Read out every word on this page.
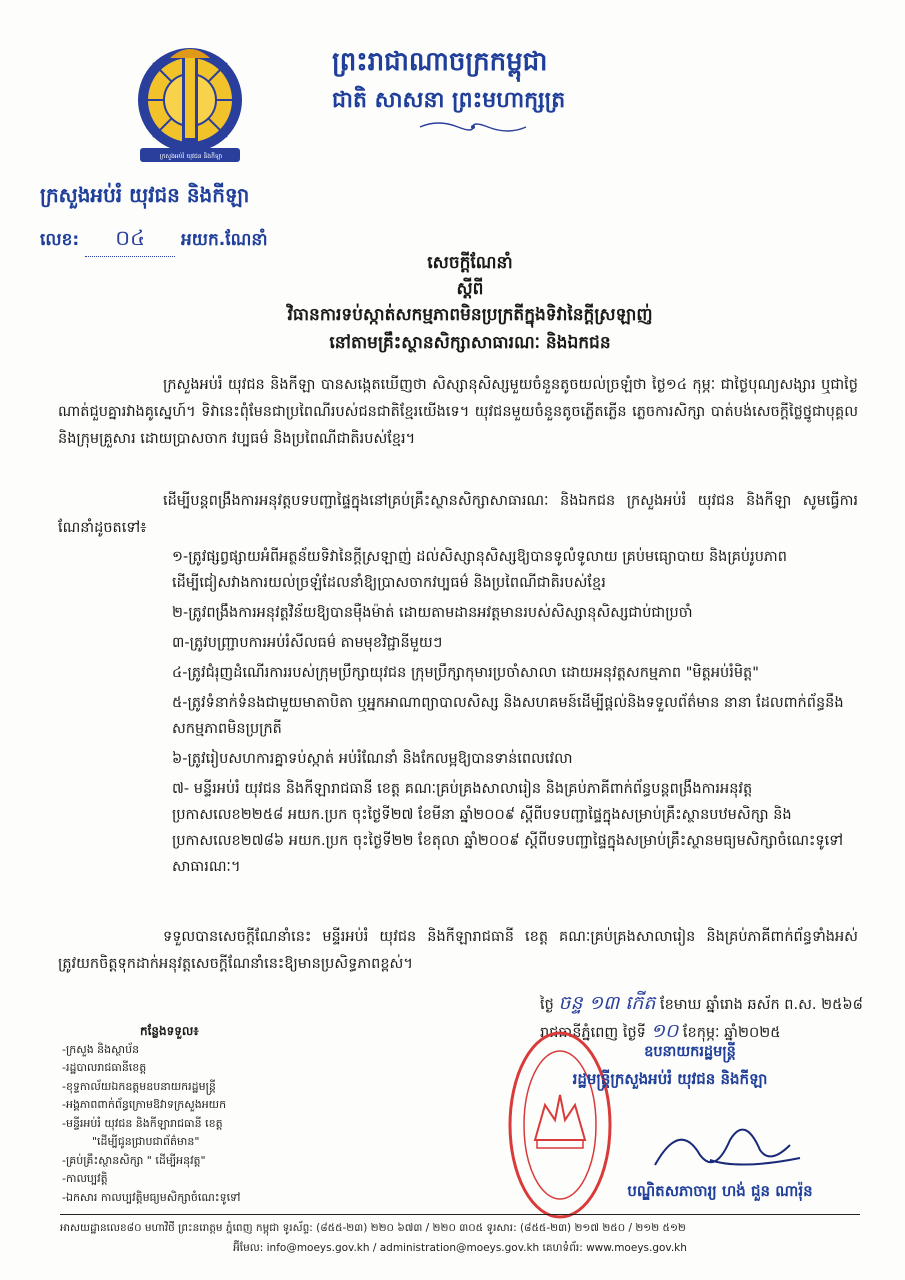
ក្រសួងអប់រំ យុវជន និងកីឡា
ព្រះរាជាណាចក្រកម្ពុជា
ជាតិ សាសនា ព្រះមហាក្សត្រ
ក្រសួងអប់រំ យុវជន និងកីឡា
លេខ: ០៤ អយក.ណែនាំ
សេចក្តីណែនាំ
ស្តីពី
វិធានការទប់ស្កាត់សកម្មភាពមិនប្រក្រតីក្នុងទិវានៃក្តីស្រឡាញ់
នៅតាមគ្រឹះស្ថានសិក្សាសាធារណៈ និងឯកជន
ក្រសួងអប់រំ យុវជន និងកីឡា បានសង្កេតឃើញថា សិស្សានុសិស្សមួយចំនួនតូចយល់ច្រឡំថា ថ្ងៃ១៤ កុម្ភៈ ជាថ្ងៃបុណ្យសង្សារ ឬជាថ្ងៃណាត់ជួបគ្នារវាងគូស្នេហ៍។ ទិវានេះពុំមែនជាប្រពៃណីរបស់ជនជាតិខ្មែរយើងទេ។ យុវជនមួយចំនួនតូចភ្លើតភ្លើន ភ្លេចការសិក្សា បាត់បង់សេចក្តីថ្លៃថ្នូជាបុគ្គល និងក្រុមគ្រួសារ ដោយប្រាសចាក វប្បធម៌ និងប្រពៃណីជាតិរបស់ខ្មែរ។
ដើម្បីបន្តពង្រឹងការអនុវត្តបទបញ្ជាផ្ទៃក្នុងនៅគ្រប់គ្រឹះស្ថានសិក្សាសាធារណៈ និងឯកជន ក្រសួងអប់រំ យុវជន និងកីឡា សូមធ្វើការណែនាំដូចតទៅ៖
១-ត្រូវផ្សព្វផ្សាយអំពីអត្ថន័យទិវានៃក្តីស្រឡាញ់ ដល់សិស្សានុសិស្សឱ្យបានទូលំទូលាយ គ្រប់មធ្យោបាយ និងគ្រប់រូបភាព ដើម្បីជៀសវាងការយល់ច្រឡំដែលនាំឱ្យប្រាសចាកវប្បធម៌ និងប្រពៃណីជាតិរបស់ខ្មែរ
២-ត្រូវពង្រឹងការអនុវត្តវិន័យឱ្យបានម៉ឺងម៉ាត់ ដោយតាមដានអវត្តមានរបស់សិស្សានុសិស្សជាប់ជាប្រចាំ
៣-ត្រូវបញ្ជ្រាបការអប់រំសីលធម៌ តាមមុខវិជ្ជានីមួយៗ
៤-ត្រូវជំរុញដំណើរការរបស់ក្រុមប្រឹក្សាយុវជន ក្រុមប្រឹក្សាកុមារប្រចាំសាលា ដោយអនុវត្តសកម្មភាព "មិត្តអប់រំមិត្ត"
៥-ត្រូវទំនាក់ទំនងជាមួយមាតាបិតា ឬអ្នកអាណាព្យាបាលសិស្ស និងសហគមន៍ដើម្បីផ្តល់និងទទួលព័ត៌មាន នានា ដែលពាក់ព័ន្ធនឹងសកម្មភាពមិនប្រក្រតី
៦-ត្រូវរៀបសហការគ្នាទប់ស្កាត់ អប់រំណែនាំ និងកែលម្អឱ្យបានទាន់ពេលវេលា
៧- មន្ទីរអប់រំ យុវជន និងកីឡារាជធានី ខេត្ត គណៈគ្រប់គ្រងសាលារៀន និងគ្រប់ភាគីពាក់ព័ន្ធបន្តពង្រឹងការអនុវត្តប្រកាសលេខ២២៥៨ អយក.ប្រក ចុះថ្ងៃទី២៧ ខែមីនា ឆ្នាំ២០០៩ ស្តីពីបទបញ្ជាផ្ទៃក្នុងសម្រាប់គ្រឹះស្ថានបឋមសិក្សា និងប្រកាសលេខ២៧៨៦ អយក.ប្រក ចុះថ្ងៃទី២២ ខែតុលា ឆ្នាំ២០០៩ ស្តីពីបទបញ្ជាផ្ទៃក្នុងសម្រាប់គ្រឹះស្ថានមធ្យមសិក្សាចំណេះទូទៅសាធារណៈ។
ទទួលបានសេចក្តីណែនាំនេះ មន្ទីរអប់រំ យុវជន និងកីឡារាជធានី ខេត្ត គណៈគ្រប់គ្រងសាលារៀន និងគ្រប់ភាគីពាក់ព័ន្ធទាំងអស់ ត្រូវយកចិត្តទុកដាក់អនុវត្តសេចក្តីណែនាំនេះឱ្យមានប្រសិទ្ធភាពខ្ពស់។
ថ្ងៃ ចន្ទ ១៣ កើត ខែមាឃ ឆ្នាំរោង ឆស័ក ព.ស. ២៥៦៨
រាជធានីភ្នំពេញ ថ្ងៃទី ១០ ខែកុម្ភៈ ឆ្នាំ២០២៥
ឧបនាយករដ្ឋមន្ត្រី
រដ្ឋមន្ត្រីក្រសួងអប់រំ យុវជន និងកីឡា
បណ្ឌិតសភាចារ្យ ហង់ ជួន ណារ៉ុន
កន្លែងទទួល៖
-ក្រសួង និងស្ថាប័ន
-រដ្ឋបាលរាជធានីខេត្ត
-ខុទ្ទកាល័យឯកឧត្តមឧបនាយករដ្ឋមន្ត្រី
-អង្គភាពពាក់ព័ន្ធក្រោមឱវាទក្រសួងអយក
-មន្ទីរអប់រំ យុវជន និងកីឡារាជធានី ខេត្ត
"ដើម្បីជូនជ្រាបជាព័ត៌មាន"
-គ្រប់គ្រឹះស្ថានសិក្សា " ដើម្បីអនុវត្ត"
-កាលប្បវត្តិ
-ឯកសារ កាលប្បវត្តិមធ្យមសិក្សាចំណេះទូទៅ
អាសយដ្ឋានលេខ៨០ មហាវិថី ព្រះនរោត្តម ភ្នំពេញ កម្ពុជា ទូរស័ព្ទ: (៨៥៥-២៣) ២២០ ៦៧៣ / ២២០ ៣០៥ ទូរសារ: (៨៥៥-២៣) ២១៧ ២៥០ / ២១២ ៥១២
អ៊ីមែល: info@moeys.gov.kh / administration@moeys.gov.kh គេហទំព័រ: www.moeys.gov.kh
